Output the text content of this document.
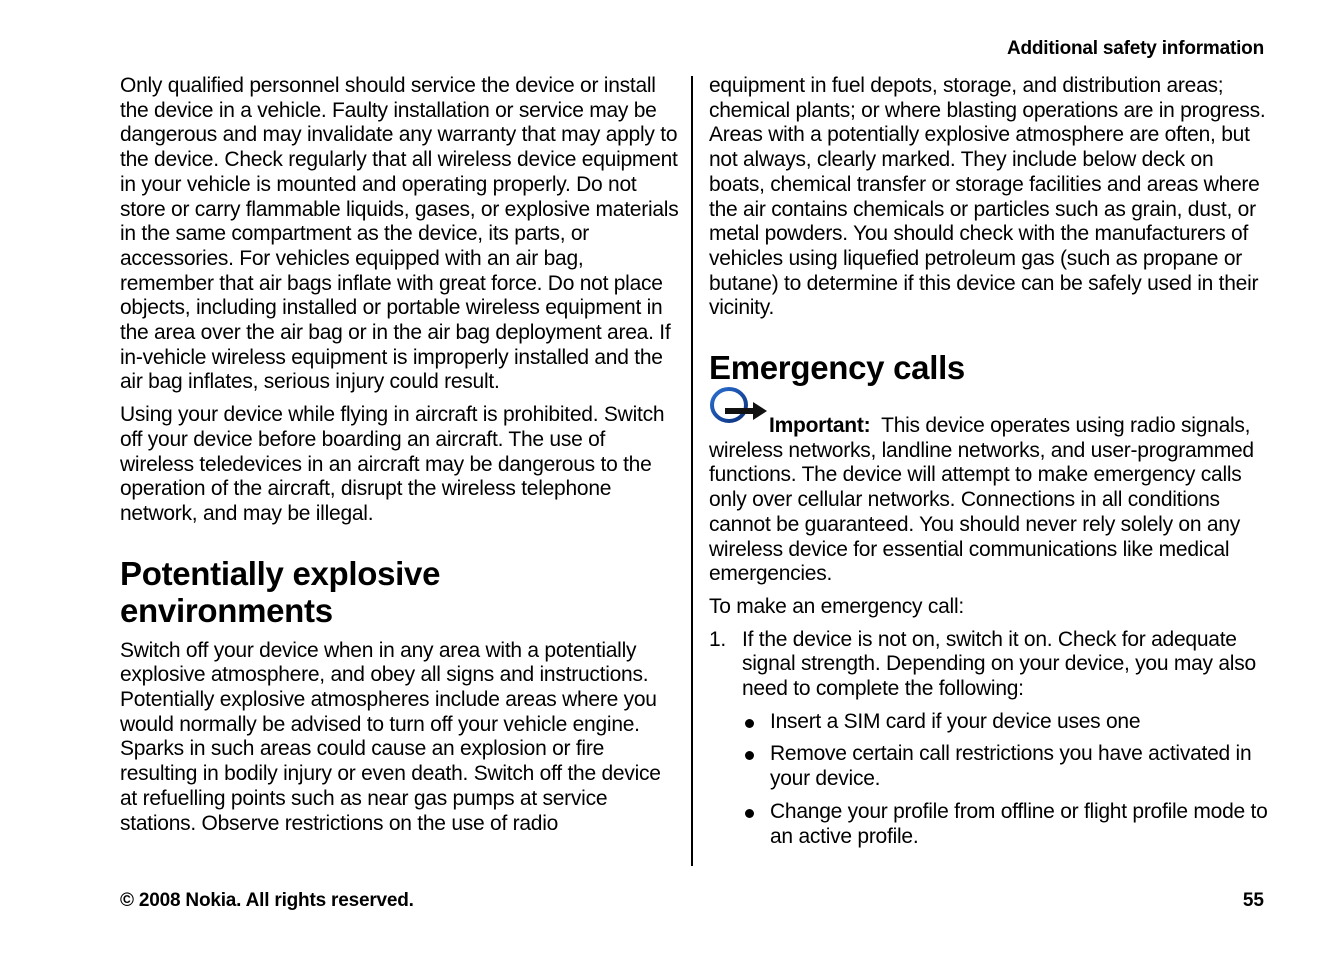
Additional safety information

Only qualified personnel should service the device or install the device in a vehicle. Faulty installation or service may be dangerous and may invalidate any warranty that may apply to the device. Check regularly that all wireless device equipment in your vehicle is mounted and operating properly. Do not store or carry flammable liquids, gases, or explosive materials in the same compartment as the device, its parts, or accessories. For vehicles equipped with an air bag, remember that air bags inflate with great force. Do not place objects, including installed or portable wireless equipment in the area over the air bag or in the air bag deployment area. If in-vehicle wireless equipment is improperly installed and the air bag inflates, serious injury could result.

Using your device while flying in aircraft is prohibited. Switch off your device before boarding an aircraft. The use of wireless teledevices in an aircraft may be dangerous to the operation of the aircraft, disrupt the wireless telephone network, and may be illegal.

Potentially explosive environments

Switch off your device when in any area with a potentially explosive atmosphere, and obey all signs and instructions. Potentially explosive atmospheres include areas where you would normally be advised to turn off your vehicle engine. Sparks in such areas could cause an explosion or fire resulting in bodily injury or even death. Switch off the device at refuelling points such as near gas pumps at service stations. Observe restrictions on the use of radio

equipment in fuel depots, storage, and distribution areas; chemical plants; or where blasting operations are in progress. Areas with a potentially explosive atmosphere are often, but not always, clearly marked. They include below deck on boats, chemical transfer or storage facilities and areas where the air contains chemicals or particles such as grain, dust, or metal powders. You should check with the manufacturers of vehicles using liquefied petroleum gas (such as propane or butane) to determine if this device can be safely used in their vicinity.

Emergency calls

Important: This device operates using radio signals, wireless networks, landline networks, and user-programmed functions. The device will attempt to make emergency calls only over cellular networks. Connections in all conditions cannot be guaranteed. You should never rely solely on any wireless device for essential communications like medical emergencies.

To make an emergency call:

1. If the device is not on, switch it on. Check for adequate signal strength. Depending on your device, you may also need to complete the following:
Insert a SIM card if your device uses one
Remove certain call restrictions you have activated in your device.
Change your profile from offline or flight profile mode to an active profile.
© 2008 Nokia. All rights reserved.	55
